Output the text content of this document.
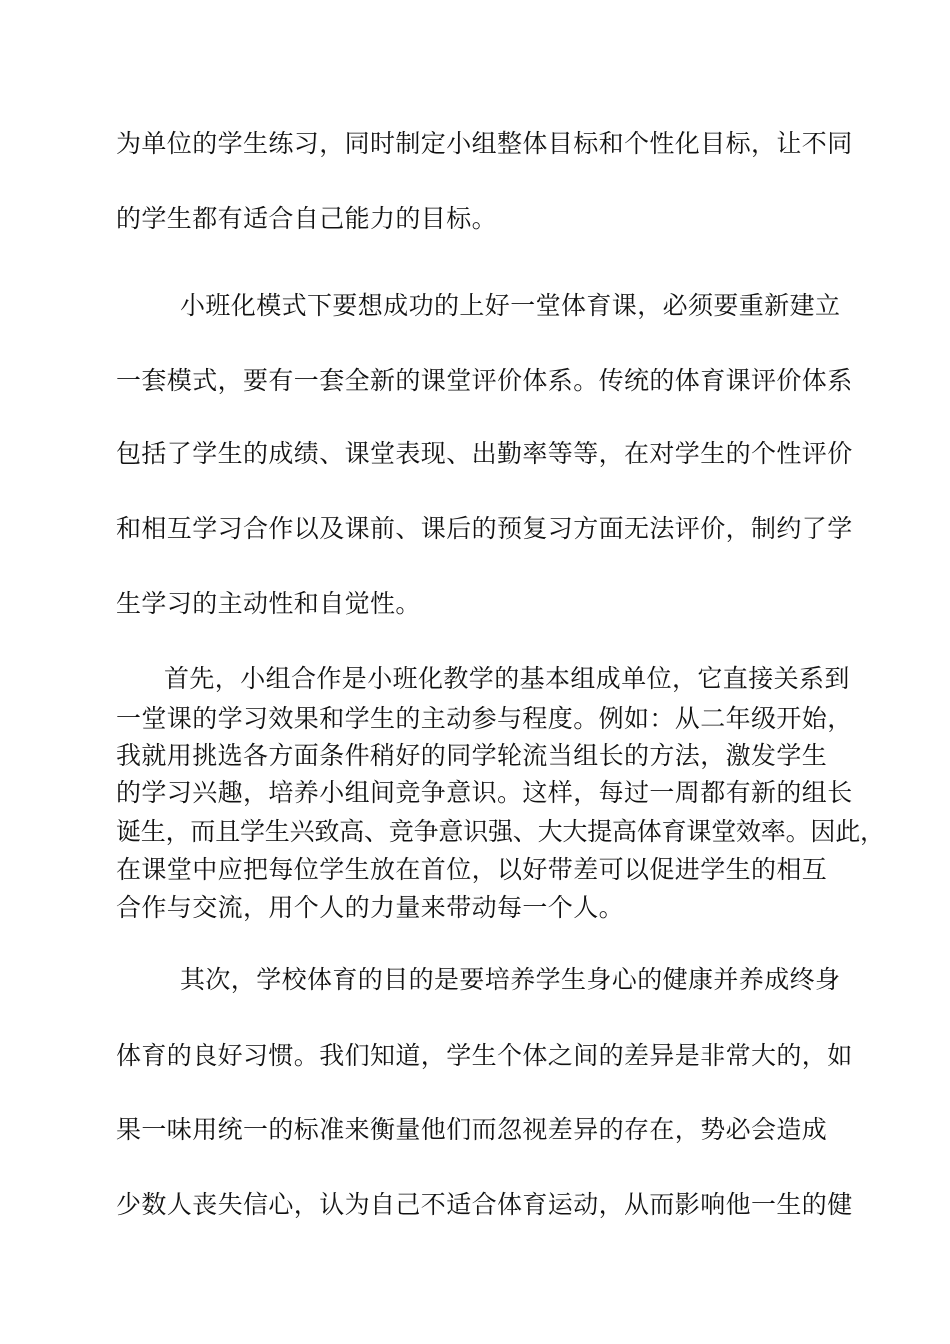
为单位的学生练习，同时制定小组整体目标和个性化目标，让不同
的学生都有适合自己能力的目标。
小班化模式下要想成功的上好一堂体育课，必须要重新建立
一套模式，要有一套全新的课堂评价体系。传统的体育课评价体系
包括了学生的成绩、课堂表现、出勤率等等，在对学生的个性评价
和相互学习合作以及课前、课后的预复习方面无法评价，制约了学
生学习的主动性和自觉性。
首先，小组合作是小班化教学的基本组成单位，它直接关系到
一堂课的学习效果和学生的主动参与程度。例如：从二年级开始，
我就用挑选各方面条件稍好的同学轮流当组长的方法，激发学生
的学习兴趣，培养小组间竞争意识。这样，每过一周都有新的组长
诞生，而且学生兴致高、竞争意识强、大大提高体育课堂效率。因此，
在课堂中应把每位学生放在首位，以好带差可以促进学生的相互
合作与交流，用个人的力量来带动每一个人。
其次，学校体育的目的是要培养学生身心的健康并养成终身
体育的良好习惯。我们知道，学生个体之间的差异是非常大的，如
果一味用统一的标准来衡量他们而忽视差异的存在，势必会造成
少数人丧失信心，认为自己不适合体育运动，从而影响他一生的健
